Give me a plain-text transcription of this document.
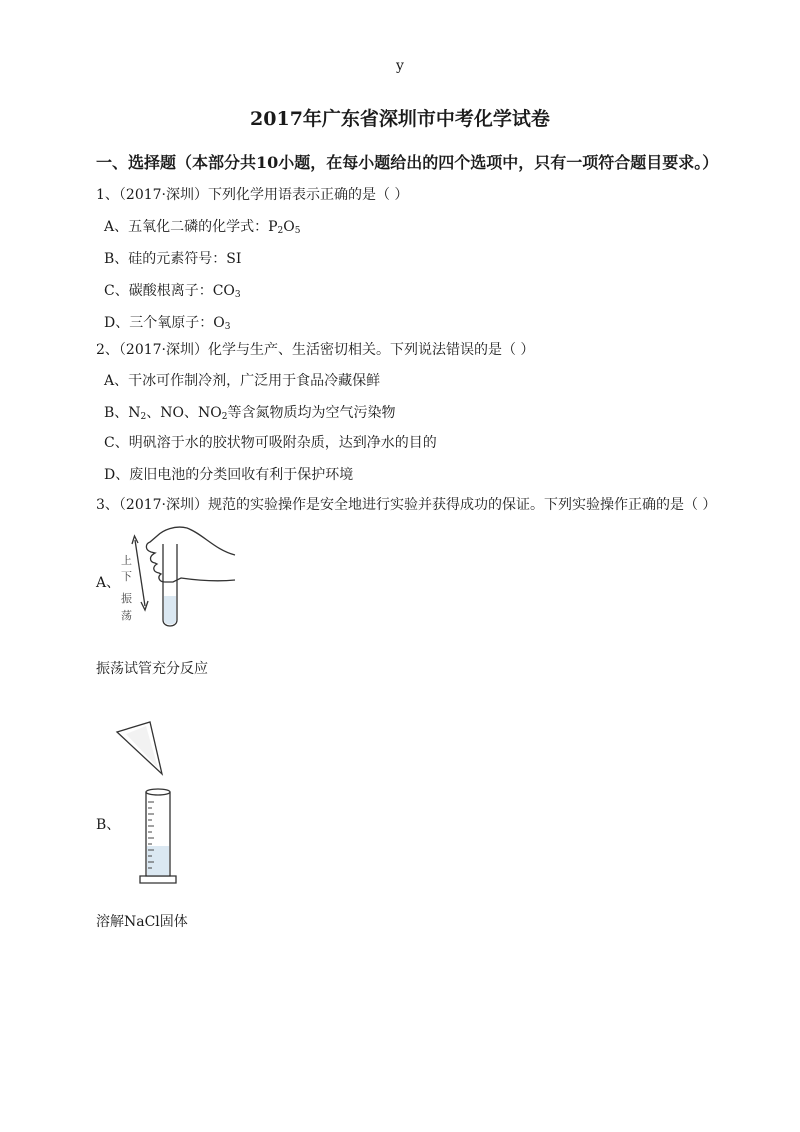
y
2017年广东省深圳市中考化学试卷
一、选择题（本部分共10小题，在每小题给出的四个选项中，只有一项符合题目要求。）
1、（2017·深圳）下列化学用语表示正确的是（ ）
A、五氧化二磷的化学式：$P_2O_5$
B、硅的元素符号：SI
C、碳酸根离子：$CO_3$
D、三个氧原子：$O_3$
2、（2017·深圳）化学与生产、生活密切相关。下列说法错误的是（ ）
A、干冰可作制冷剂，广泛用于食品冷藏保鲜
B、$N_2$、NO、$NO_2$等含氮物质均为空气污染物
C、明矾溶于水的胶状物可吸附杂质，达到净水的目的
D、废旧电池的分类回收有利于保护环境
3、（2017·深圳）规范的实验操作是安全地进行实验并获得成功的保证。下列实验操作正确的是（ ）
A、
上
下
振
荡
振荡试管充分反应
B、
溶解NaCl固体
